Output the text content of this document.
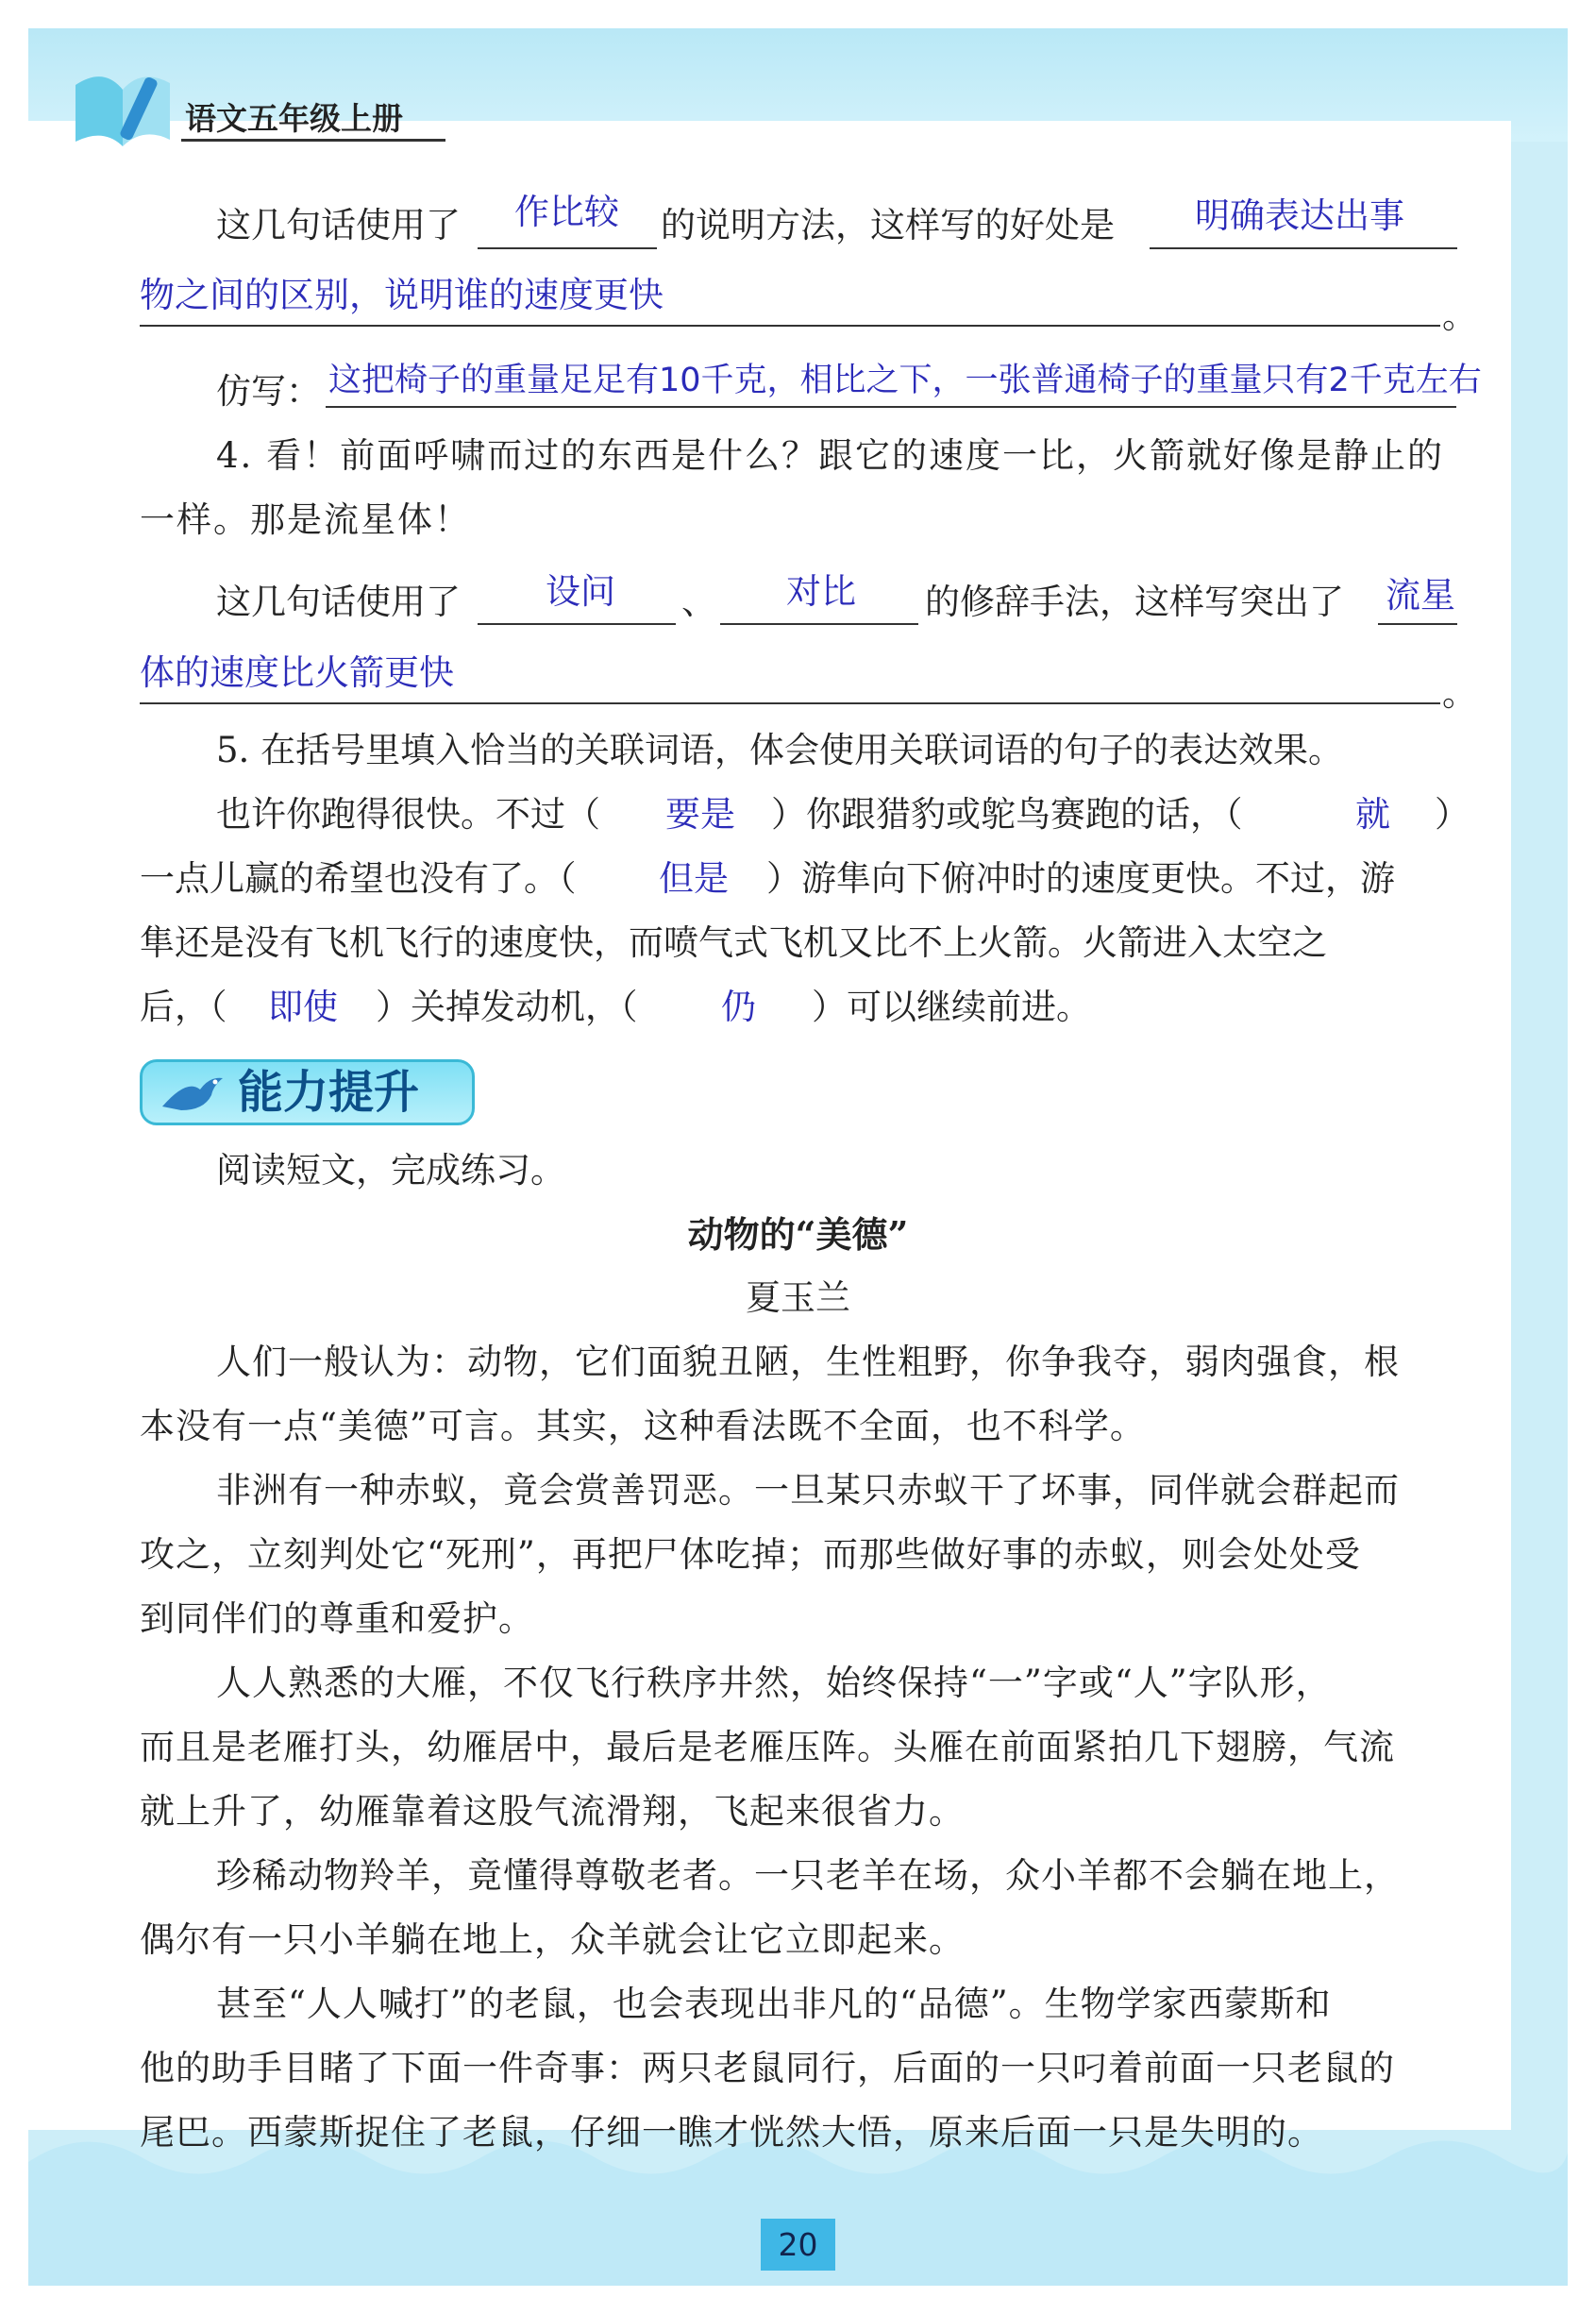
语文五年级上册
这几句话使用了 作比较 的说明方法，这样写的好处是 明确表达出事
物之间的区别，说明谁的速度更快
。
仿写： 这把椅子的重量足足有10千克，相比之下，一张普通椅子的重量只有2千克左右
4. 看！前面呼啸而过的东西是什么？跟它的速度一比，火箭就好像是静止的
一样。那是流星体！
这几句话使用了 设问 、 对比 的修辞手法，这样写突出了 流星
体的速度比火箭更快
。
5. 在括号里填入恰当的关联词语，体会使用关联词语的句子的表达效果。
也许你跑得很快。不过（ 要是 ）你跟猎豹或鸵鸟赛跑的话，（	就 ）
一点儿赢的希望也没有了。（ 但是 ）游隼向下俯冲时的速度更快。不过，游
隼还是没有飞机飞行的速度快，而喷气式飞机又比不上火箭。火箭进入太空之
后，（ 即使 ）关掉发动机，（ 仍 ）可以继续前进。
能力提升
阅读短文，完成练习。
动物的“美德”
夏玉兰
人们一般认为：动物，它们面貌丑陋，生性粗野，你争我夺，弱肉强食，根
本没有一点“美德”可言。其实，这种看法既不全面，也不科学。
非洲有一种赤蚁，竟会赏善罚恶。一旦某只赤蚁干了坏事，同伴就会群起而
攻之，立刻判处它“死刑”，再把尸体吃掉；而那些做好事的赤蚁，则会处处受
到同伴们的尊重和爱护。
人人熟悉的大雁，不仅飞行秩序井然，始终保持“一”字或“人”字队形，
而且是老雁打头，幼雁居中，最后是老雁压阵。头雁在前面紧拍几下翅膀，气流
就上升了，幼雁靠着这股气流滑翔，飞起来很省力。
珍稀动物羚羊，竟懂得尊敬老者。一只老羊在场，众小羊都不会躺在地上，
偶尔有一只小羊躺在地上，众羊就会让它立即起来。
甚至“人人喊打”的老鼠，也会表现出非凡的“品德”。生物学家西蒙斯和
他的助手目睹了下面一件奇事：两只老鼠同行，后面的一只叼着前面一只老鼠的
尾巴。西蒙斯捉住了老鼠，仔细一瞧才恍然大悟，原来后面一只是失明的。
20
